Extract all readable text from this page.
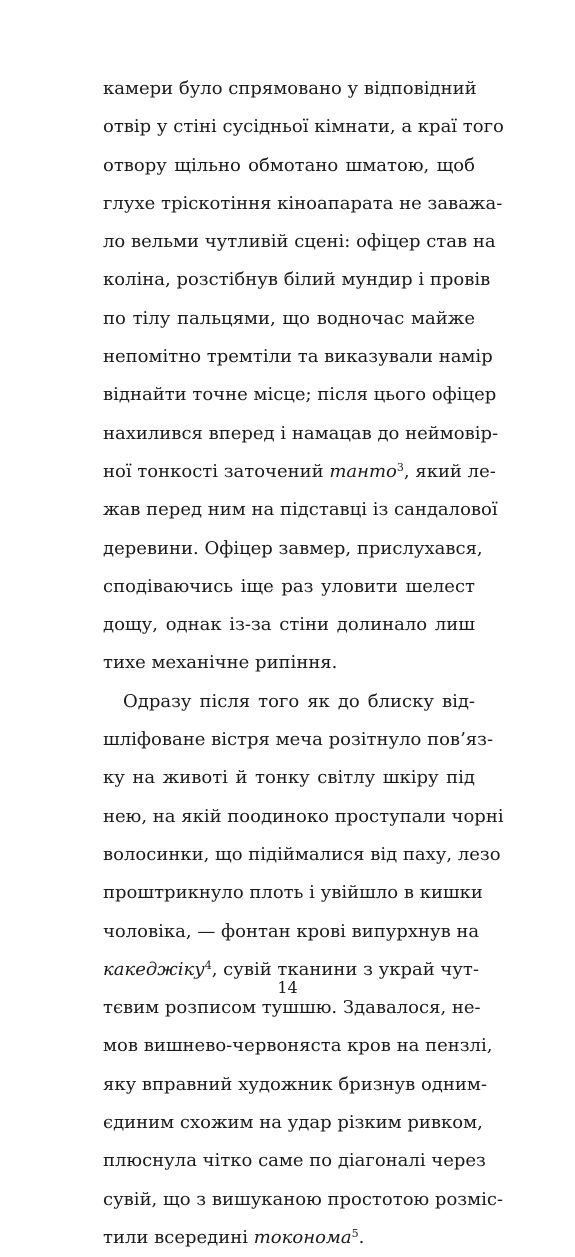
камери було спрямовано у відповідний
отвір у стіні сусідньої кімнати, а краї того
отвору щільно обмотано шматою, щоб
глухе тріскотіння кіноапарата не заважа-
ло вельми чутливій сцені: офіцер став на
коліна, розстібнув білий мундир і провів
по тілу пальцями, що водночас майже
непомітно тремтіли та виказували намір
віднайти точне місце; після цього офіцер
нахилився вперед і намацав до неймовір-
ної тонкості заточений танто$^3$, який ле-
жав перед ним на підставці із сандалової
деревини. Офіцер завмер, прислухався,
сподіваючись іще раз уловити шелест
дощу, однак із-за стіни долинало лиш
тихе механічне рипіння.
Одразу після того як до блиску від-
шліфоване вістря меча розітнуло пов’яз-
ку на животі й тонку світлу шкіру під
нею, на якій поодиноко проступали чорні
волосинки, що підіймалися від паху, лезо
проштрикнуло плоть і увійшло в кишки
чоловіка, — фонтан крові випурхнув на
какеджіку$^4$, сувій тканини з украй чут-
тєвим розписом тушшю. Здавалося, не-
мов вишнево-червоняста кров на пензлі,
яку вправний художник бризнув одним-
єдиним схожим на удар різким ривком,
плюснула чітко саме по діагоналі через
сувій, що з вишуканою простотою розміс-
тили всередині токонома$^5$.
14
